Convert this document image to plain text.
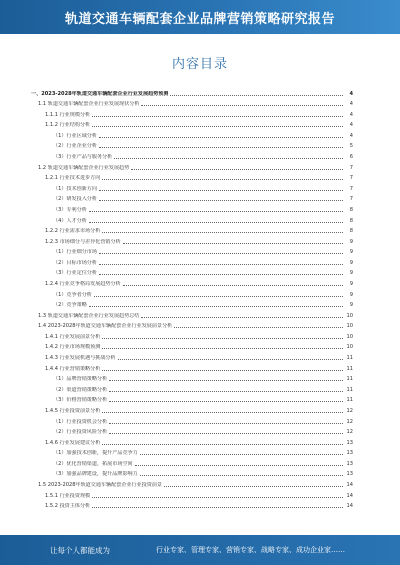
轨道交通车辆配套企业品牌营销策略研究报告
内容目录
一、2023-2028年轨道交通车辆配套企业行业发展趋势预测	4
1.1 轨道交通车辆配套企业行业发展现状分析	4
1.1.1 行业规模分析	4
1.1.2 行业结构分析	4
（1）行业区域分析	4
（2）行业企业分析	5
（3）行业产品与服务分析	6
1.2 轨道交通车辆配套企业行业发展趋势	7
1.2.1 行业技术进步方向	7
（1）技术创新方向	7
（2）研发投入分析	7
（3）专利分析	8
（4）人才分析	8
1.2.2 行业需求市场分析	8
1.2.3 市场细分与差异化营销分析	9
（1）行业细分市场	9
（2）目标市场分析	9
（3）行业定位分析	9
1.2.4 行业竞争格局发展趋势分析	9
（1）竞争者分析	9
（2）竞争策略	9
1.3 轨道交通车辆配套企业行业发展趋势总结	10
1.4 2023-2028年轨道交通车辆配套企业行业发展前景分析	10
1.4.1 行业发展前景分析	10
1.4.2 行业市场规模预测	10
1.4.3 行业发展机遇与挑战分析	11
1.4.4 行业营销策略分析	11
（1）品牌营销策略分析	11
（2）渠道营销策略分析	11
（3）价格营销策略分析	11
1.4.5 行业投资前景分析	12
（1）行业投资机会分析	12
（2）行业投资风险分析	12
1.4.6 行业发展建议分析	13
（1）加强技术创新，提升产品竞争力	13
（2）优化营销渠道，拓展市场空间	13
（3）加强品牌建设，提升品牌影响力	13
1.5 2023-2028年轨道交通车辆配套企业行业投资前景	14
1.5.1 行业投资规模	14
1.5.2 投资主体分析	14
让每个人都能成为	行业专家、管理专家、营销专家、战略专家、成功企业家……
